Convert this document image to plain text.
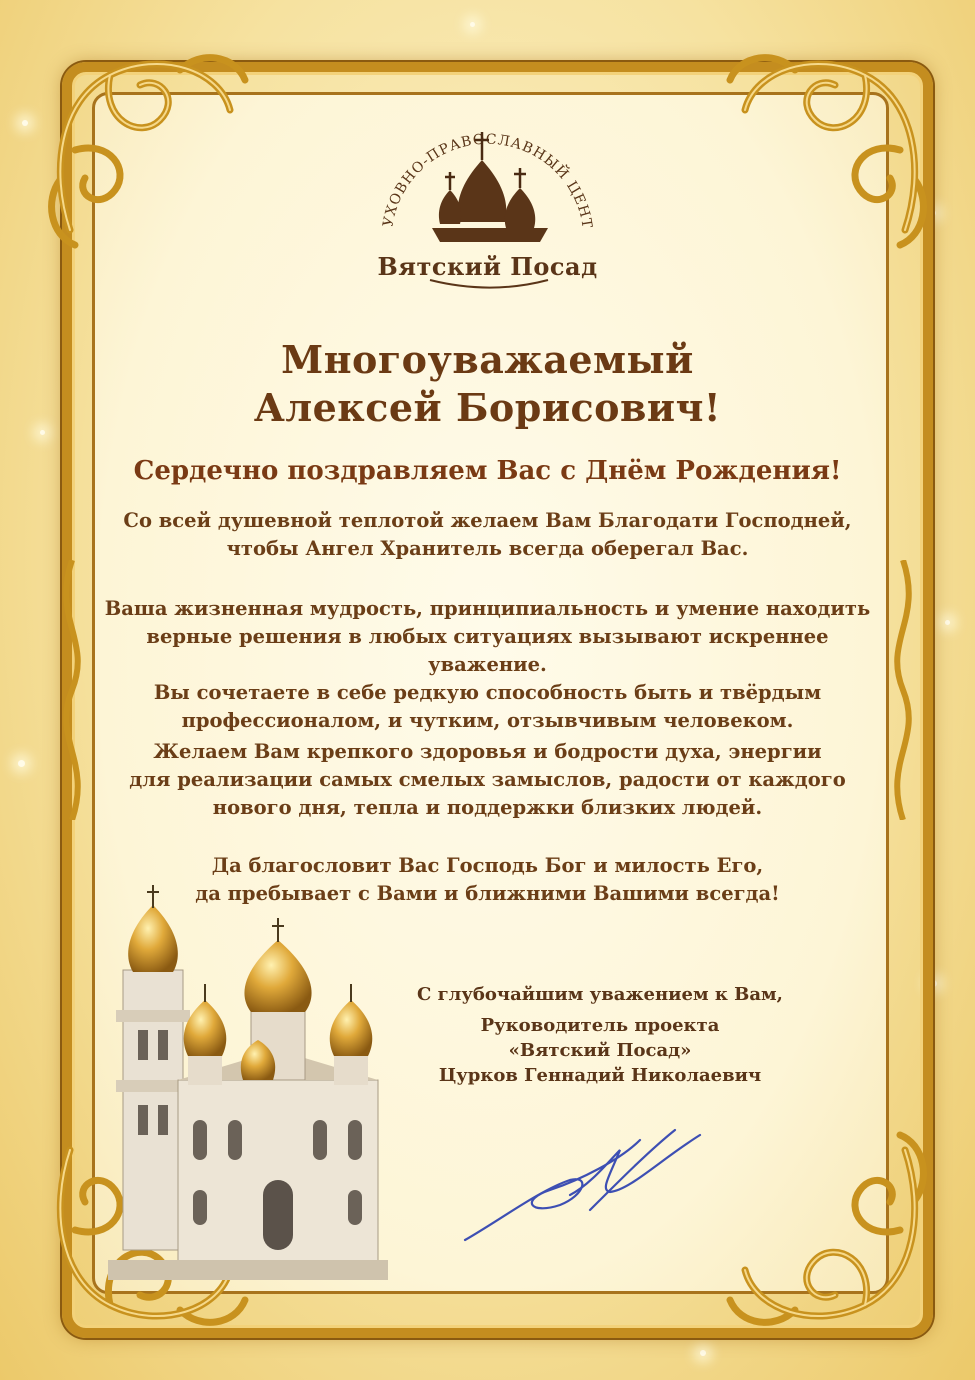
УХОВНО-ПРАВОСЛАВНЫЙ ЦЕНТ
Вятский Посад
Многоуважаемый
Алексей Борисович!
Сердечно поздравляем Вас с Днём Рождения!
Со всей душевной теплотой желаем Вам Благодати Господней,
чтобы Ангел Хранитель всегда оберегал Вас.
Ваша жизненная мудрость, принципиальность и умение находить
верные решения в любых ситуациях вызывают искреннее уважение.
Вы сочетаете в себе редкую способность быть и твёрдым
профессионалом, и чутким, отзывчивым человеком.
Желаем Вам крепкого здоровья и бодрости духа, энергии
для реализации самых смелых замыслов, радости от каждого
нового дня, тепла и поддержки близких людей.
Да благословит Вас Господь Бог и милость Его,
да пребывает с Вами и ближними Вашими всегда!
С глубочайшим уважением к Вам,
Руководитель проекта
«Вятский Посад»
Цурков Геннадий Николаевич
